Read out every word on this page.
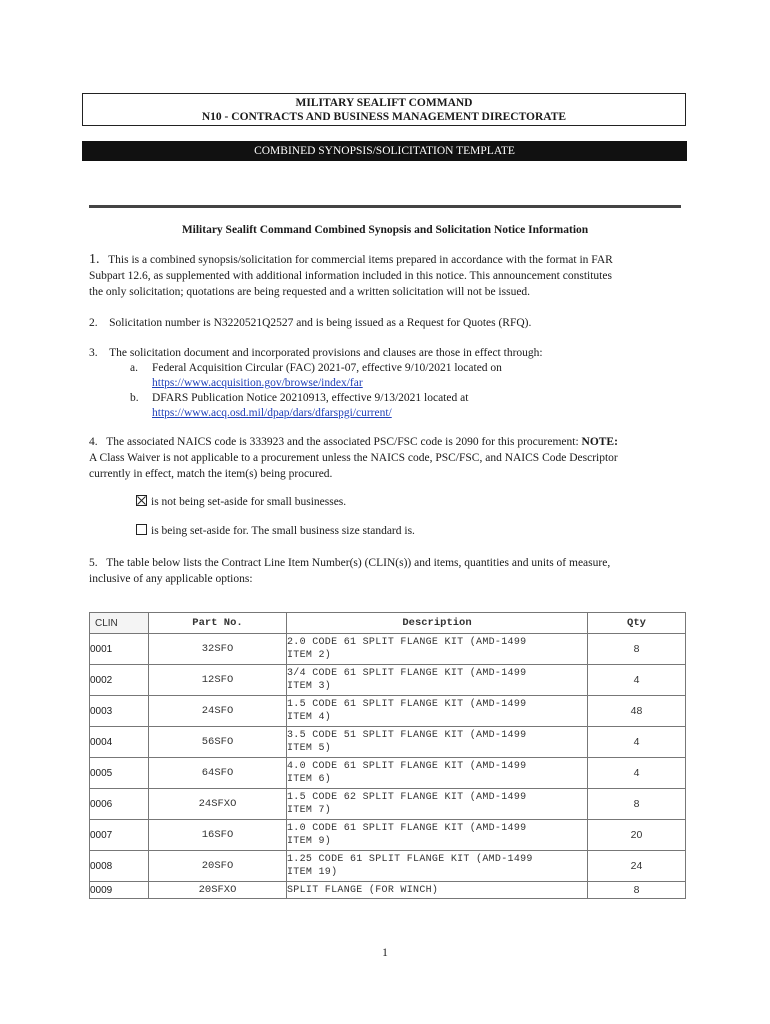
MILITARY SEALIFT COMMAND
N10 - CONTRACTS AND BUSINESS MANAGEMENT DIRECTORATE
COMBINED SYNOPSIS/SOLICITATION TEMPLATE
Military Sealift Command Combined Synopsis and Solicitation Notice Information
1. This is a combined synopsis/solicitation for commercial items prepared in accordance with the format in FAR
Subpart 12.6, as supplemented with additional information included in this notice. This announcement constitutes
the only solicitation; quotations are being requested and a written solicitation will not be issued.
2. Solicitation number is N3220521Q2527 and is being issued as a Request for Quotes (RFQ).
3. The solicitation document and incorporated provisions and clauses are those in effect through:
a. Federal Acquisition Circular (FAC) 2021-07, effective 9/10/2021 located on
https://www.acquisition.gov/browse/index/far
b. DFARS Publication Notice 20210913, effective 9/13/2021 located at
https://www.acq.osd.mil/dpap/dars/dfarspgi/current/
4. The associated NAICS code is 333923 and the associated PSC/FSC code is 2090 for this procurement: NOTE:
A Class Waiver is not applicable to a procurement unless the NAICS code, PSC/FSC, and NAICS Code Descriptor
currently in effect, match the item(s) being procured.
is not being set-aside for small businesses.
is being set-aside for. The small business size standard is.
5. The table below lists the Contract Line Item Number(s) (CLIN(s)) and items, quantities and units of measure,
inclusive of any applicable options:
CLIN	Part No.	Description	Qty
0001	32SFO	2.0 CODE 61 SPLIT FLANGE KIT (AMD-1499
ITEM 2)	8
0002	12SFO	3/4 CODE 61 SPLIT FLANGE KIT (AMD-1499
ITEM 3)	4
0003	24SFO	1.5 CODE 61 SPLIT FLANGE KIT (AMD-1499
ITEM 4)	48
0004	56SFO	3.5 CODE 51 SPLIT FLANGE KIT (AMD-1499
ITEM 5)	4
0005	64SFO	4.0 CODE 61 SPLIT FLANGE KIT (AMD-1499
ITEM 6)	4
0006	24SFXO	1.5 CODE 62 SPLIT FLANGE KIT (AMD-1499
ITEM 7)	8
0007	16SFO	1.0 CODE 61 SPLIT FLANGE KIT (AMD-1499
ITEM 9)	20
0008	20SFO	1.25 CODE 61 SPLIT FLANGE KIT (AMD-1499
ITEM 19)	24
0009	20SFXO	SPLIT FLANGE (FOR WINCH)	8
1
